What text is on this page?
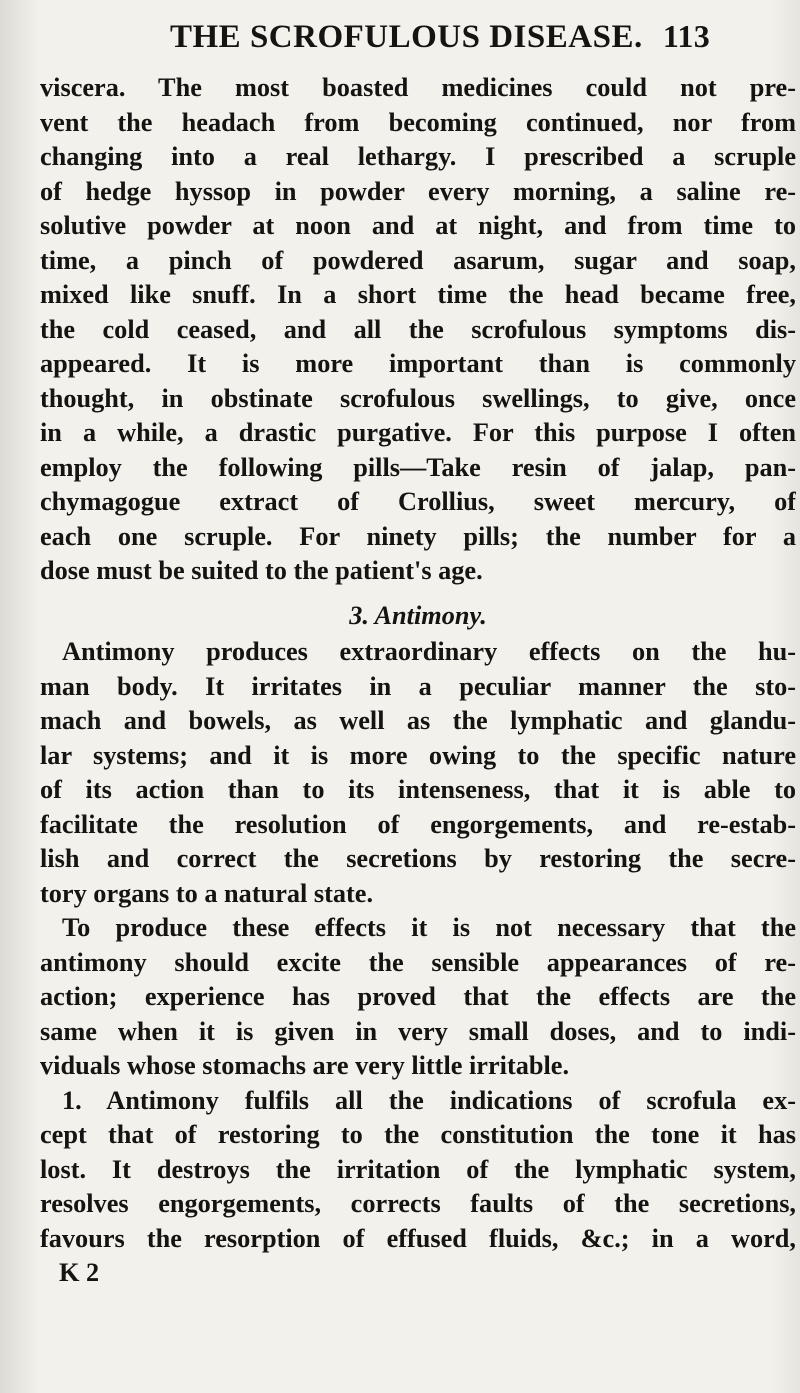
THE SCROFULOUS DISEASE. 113
viscera. The most boasted medicines could not pre-
vent the headach from becoming continued, nor from
changing into a real lethargy. I prescribed a scruple
of hedge hyssop in powder every morning, a saline re-
solutive powder at noon and at night, and from time to
time, a pinch of powdered asarum, sugar and soap,
mixed like snuff. In a short time the head became free,
the cold ceased, and all the scrofulous symptoms dis-
appeared. It is more important than is commonly
thought, in obstinate scrofulous swellings, to give, once
in a while, a drastic purgative. For this purpose I often
employ the following pills—Take resin of jalap, pan-
chymagogue extract of Crollius, sweet mercury, of
each one scruple. For ninety pills; the number for a
dose must be suited to the patient's age.
3. Antimony.
Antimony produces extraordinary effects on the hu-
man body. It irritates in a peculiar manner the sto-
mach and bowels, as well as the lymphatic and glandu-
lar systems; and it is more owing to the specific nature
of its action than to its intenseness, that it is able to
facilitate the resolution of engorgements, and re-estab-
lish and correct the secretions by restoring the secre-
tory organs to a natural state.
To produce these effects it is not necessary that the
antimony should excite the sensible appearances of re-
action; experience has proved that the effects are the
same when it is given in very small doses, and to indi-
viduals whose stomachs are very little irritable.
1. Antimony fulfils all the indications of scrofula ex-
cept that of restoring to the constitution the tone it has
lost. It destroys the irritation of the lymphatic system,
resolves engorgements, corrects faults of the secretions,
favours the resorption of effused fluids, &c.; in a word,
K 2
